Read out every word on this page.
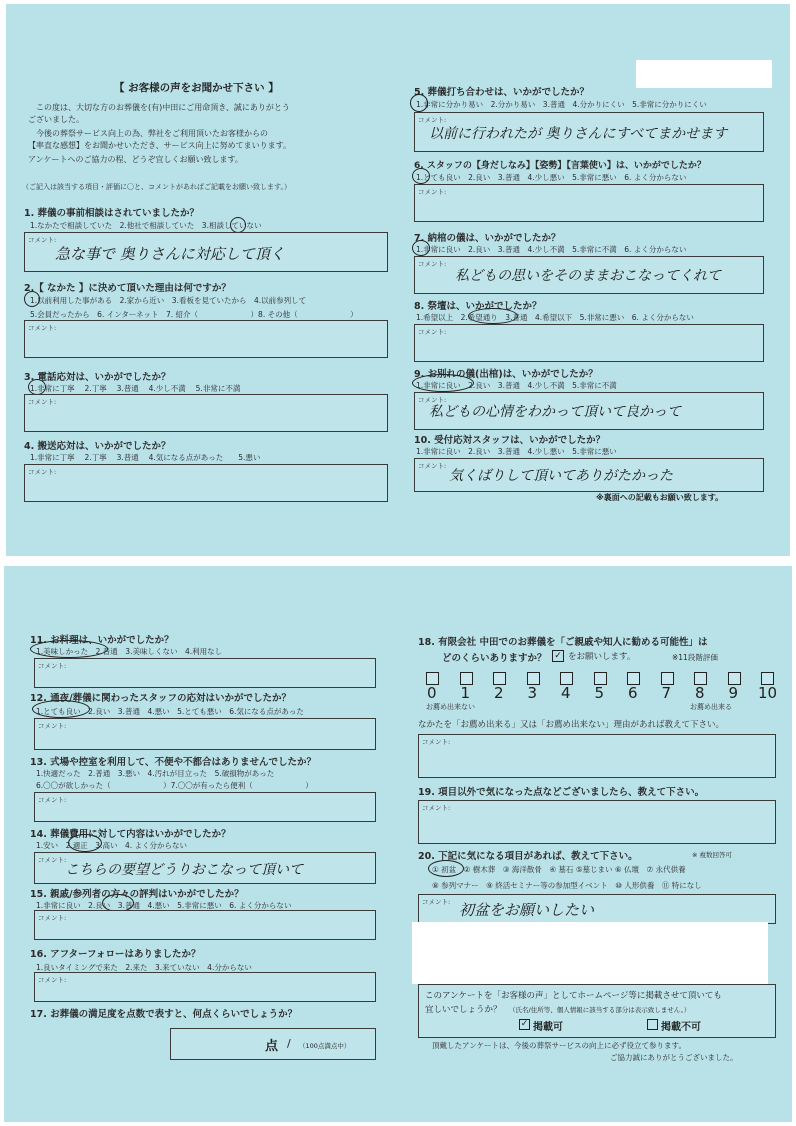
【 お客様の声をお聞かせ下さい 】
この度は、大切な方のお葬儀を(有)中田にご用命頂き、誠にありがとう
ございました。
今後の葬祭サービス向上の為、弊社をご利用頂いたお客様からの
【率直な感想】をお聞かせいただき、サービス向上に努めてまいります。
アンケートへのご協力の程、どうぞ宜しくお願い致します。
（ご記入は該当する項目・評価に〇と、コメントがあればご記載をお願い致します。）
1. 葬儀の事前相談はされていましたか？
1.なかたで相談していた　2.他社で相談していた　3.相談していない
コメント:
急な事で 奥りさんに対応して頂く
2.【 なかた 】に決めて頂いた理由は何ですか？
1.以前利用した事がある　2.家から近い　3.看板を見ていたから　4.以前参列して
5.会員だったから　6. インターネット　7. 紹介（　　　　　　　）8. その他（　　　　　　　）
コメント:
3. 電話応対は、いかがでしたか？
1.非常に丁寧　 2.丁寧　 3.普通　 4.少し不満　 5.非常に不満
コメント:
4. 搬送応対は、いかがでしたか？
1.非常に丁寧　 2.丁寧　 3.普通　 4.気になる点があった　　5.悪い
コメント:
5. 葬儀打ち合わせは、いかがでしたか？
1.非常に分かり易い　2.分かり易い　3.普通　4.分かりにくい　5.非常に分かりにくい
コメント:
以前に行われたが 奥りさんにすべてまかせます
6. スタッフの【身だしなみ】【姿勢】【言葉使い】は、いかがでしたか？
1.とても良い　2.良い　3.普通　4.少し悪い　5.非常に悪い　6. よく分からない
コメント:
7. 納棺の儀は、いかがでしたか？
1.非常に良い　2.良い　3.普通　4.少し不満　5.非常に不満　6. よく分からない
コメント:
私どもの思いをそのままおこなってくれて
8. 祭壇は、いかがでしたか？
1.希望以上　2.希望通り　3.普通　4.希望以下　5.非常に悪い　6. よく分からない
コメント:
9. お別れの儀(出棺)は、いかがでしたか？
1.非常に良い　2.良い　3.普通　4.少し不満　5.非常に不満
コメント:
私どもの心情をわかって頂いて良かって
10. 受付応対スタッフは、いかがでしたか？
1.非常に良い　2.良い　3.普通　4.少し悪い　5.非常に悪い
コメント:
気くばりして頂いてありがたかった
※裏面への記載もお願い致します。
11. お料理は、いかがでしたか？
1.美味しかった　2.普通　3.美味しくない　4.利用なし
コメント:
12. 通夜/葬儀に関わったスタッフの応対はいかがでしたか？
1.とても良い　2.良い　3.普通　4.悪い　5.とても悪い　6.気になる点があった
コメント:
13. 式場や控室を利用して、不便や不都合はありませんでしたか？
1.快適だった　2.普通　3.悪い　4.汚れが目立った　5.破損物があった
6.〇〇が欲しかった（　　　　　　　）7.〇〇が有ったら便利（　　　　　　　）
コメント:
14. 葬儀費用に対して内容はいかがでしたか？
1.安い　2.適正　3.高い　4. よく分からない
コメント:
こちらの要望どうりおこなって頂いて
15. 親戚/参列者の方々の評判はいかがでしたか？
1.非常に良い　2.良い　3.普通　4.悪い　5.非常に悪い　6. よく分からない
コメント:
16. アフターフォローはありましたか？
1.良いタイミングで来た　2.来た　3.来ていない　4.分からない
コメント:
17. お葬儀の満足度を点数で表すと、何点くらいでしょうか？
点 / （100点満点中）
18. 有限会社 中田でのお葬儀を「ご親戚や知人に勧める可能性」は
どのくらいありますか？ ✓ をお願いします。	※11段階評価
お薦め出来ない	お薦め出来る
なかたを「お薦め出来る」又は「お薦め出来ない」理由があれば教えて下さい。
コメント:
19. 項目以外で気になった点などございましたら、教えて下さい。
コメント:
20. 下記に気になる項目があれば、教えて下さい。	※ 複数回答可
① 初盆　② 樹木葬　③ 海洋散骨　④ 墓石 ⑤墓じまい ⑥ 仏壇　⑦ 永代供養
⑧ 参列マナー　⑨ 終活セミナー等の参加型イベント　⑩ 人形供養　⑪ 特になし
コメント: 初盆をお願いしたい
このアンケートを「お客様の声」としてホームページ等に掲載させて頂いても
宜しいでしょうか？ （氏名/住所等、個人情報に該当する部分は表示致しません。）
✓ 掲載可	掲載不可
頂戴したアンケートは、今後の葬祭サービスの向上に必ず役立て参ります。
ご協力誠にありがとうございました。
0 1 2 3 4 5 6 7 8 9 10
